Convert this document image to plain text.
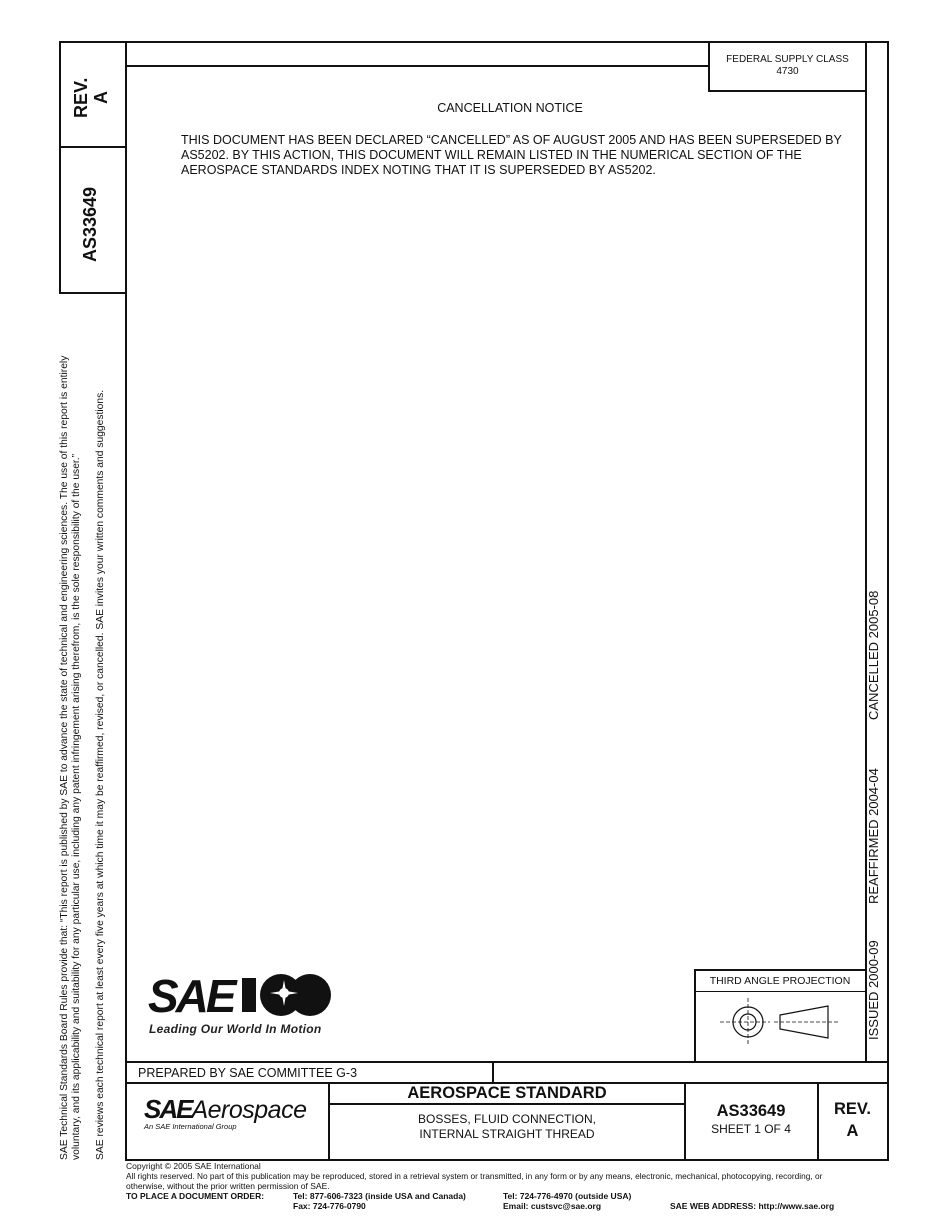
REV. A
AS33649
SAE Technical Standards Board Rules provide that: “This report is published by SAE to advance the state of technical and engineering sciences. The use of this report is entirely voluntary, and its applicability and suitability for any particular use, including any patent infringement arising therefrom, is the sole responsibility of the user.” SAE reviews each technical report at least every five years at which time it may be reaffirmed, revised, or cancelled. SAE invites your written comments and suggestions.
FEDERAL SUPPLY CLASS
4730
CANCELLATION NOTICE
THIS DOCUMENT HAS BEEN DECLARED “CANCELLED” AS OF AUGUST 2005 AND HAS BEEN SUPERSEDED BY
AS5202. BY THIS ACTION, THIS DOCUMENT WILL REMAIN LISTED IN THE NUMERICAL SECTION OF THE
AEROSPACE STANDARDS INDEX NOTING THAT IT IS SUPERSEDED BY AS5202.
ISSUED 2000-09
REAFFIRMED 2004-04
CANCELLED 2005-08
SAE
Leading Our World In Motion
THIRD ANGLE PROJECTION
PREPARED BY SAE COMMITTEE G-3
SAEAerospace
An SAE International Group
AEROSPACE STANDARD
BOSSES, FLUID CONNECTION,
INTERNAL STRAIGHT THREAD
AS33649
SHEET 1 OF 4
REV.
A
Copyright © 2005 SAE International
All rights reserved. No part of this publication may be reproduced, stored in a retrieval system or transmitted, in any form or by any means, electronic, mechanical, photocopying, recording, or
otherwise, without the prior written permission of SAE.
TO PLACE A DOCUMENT ORDER:	Tel: 877-606-7323 (inside USA and Canada)
Fax: 724-776-0790
Tel: 724-776-4970 (outside USA)
Email: custsvc@sae.org	SAE WEB ADDRESS: http://www.sae.org
